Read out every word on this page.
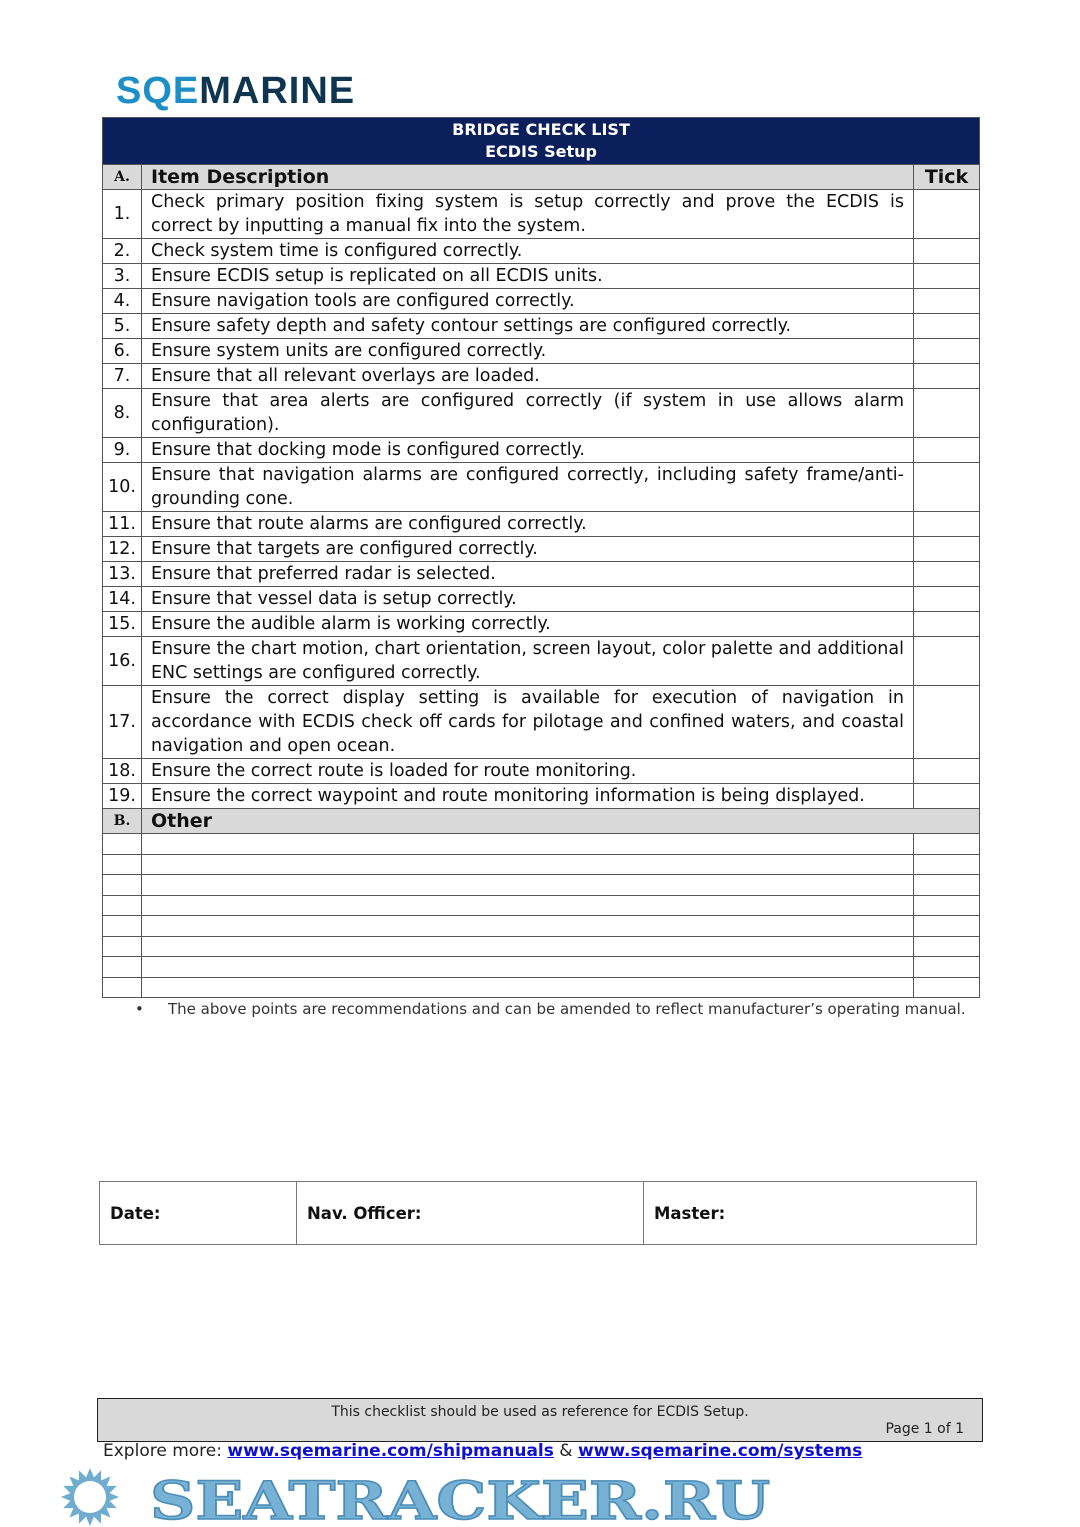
SQEMARINE
BRIDGE CHECK LIST
ECDIS Setup		

A.	Item Description	Tick
1.	Check primary position fixing system is setup correctly and prove the ECDIS is correct by inputting a manual fix into the system.	
2.	Check system time is configured correctly.	
3.	Ensure ECDIS setup is replicated on all ECDIS units.	
4.	Ensure navigation tools are configured correctly.	
5.	Ensure safety depth and safety contour settings are configured correctly.	
6.	Ensure system units are configured correctly.	
7.	Ensure that all relevant overlays are loaded.	
8.	Ensure that area alerts are configured correctly (if system in use allows alarm configuration).	
9.	Ensure that docking mode is configured correctly.	
10.	Ensure that navigation alarms are configured correctly, including safety frame/anti-grounding cone.	
11.	Ensure that route alarms are configured correctly.	
12.	Ensure that targets are configured correctly.	
13.	Ensure that preferred radar is selected.	
14.	Ensure that vessel data is setup correctly.	
15.	Ensure the audible alarm is working correctly.	
16.	Ensure the chart motion, chart orientation, screen layout, color palette and additional ENC settings are configured correctly.	
17.	Ensure the correct display setting is available for execution of navigation in accordance with ECDIS check off cards for pilotage and confined waters, and coastal navigation and open ocean.	
18.	Ensure the correct route is loaded for route monitoring.	
19.	Ensure the correct waypoint and route monitoring information is being displayed.	
B.	Other	

• The above points are recommendations and can be amended to reflect manufacturer’s operating manual.
Date:	Nav. Officer:	Master:
This checklist should be used as reference for ECDIS Setup.
Page 1 of 1
Explore more: www.sqemarine.com/shipmanuals & www.sqemarine.com/systems
SEATRACKER.RU
